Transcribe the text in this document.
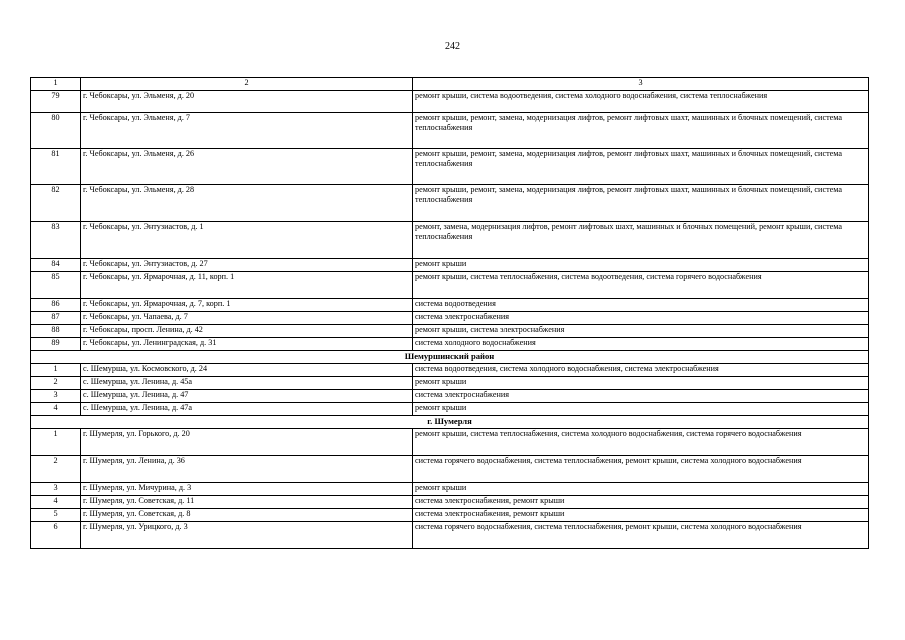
242
1	2	3
79	г. Чебоксары, ул. Эльменя, д. 20	ремонт крыши, система водоотведения, система холодного водоснабжения, система теплоснабжения
80	г. Чебоксары, ул. Эльменя, д. 7	ремонт крыши, ремонт, замена, модернизация лифтов, ремонт лифтовых шахт, машинных и блочных помещений, система теплоснабжения
81	г. Чебоксары, ул. Эльменя, д. 26	ремонт крыши, ремонт, замена, модернизация лифтов, ремонт лифтовых шахт, машинных и блочных помещений, система теплоснабжения
82	г. Чебоксары, ул. Эльменя, д. 28	ремонт крыши, ремонт, замена, модернизация лифтов, ремонт лифтовых шахт, машинных и блочных помещений, система теплоснабжения
83	г. Чебоксары, ул. Энтузиастов, д. 1	ремонт, замена, модернизация лифтов, ремонт лифтовых шахт, машинных и блочных помещений, ремонт крыши, система теплоснабжения
84	г. Чебоксары, ул. Энтузиастов, д. 27	ремонт крыши
85	г. Чебоксары, ул. Ярмарочная, д. 11, корп. 1	ремонт крыши, система теплоснабжения, система водоотведения, система горячего водоснабжения
86	г. Чебоксары, ул. Ярмарочная, д. 7, корп. 1	система водоотведения
87	г. Чебоксары, ул. Чапаева, д. 7	система электроснабжения
88	г. Чебоксары, просп. Ленина, д. 42	ремонт крыши, система электроснабжения
89	г. Чебоксары, ул. Ленинградская, д. 31	система холодного водоснабжения
Шемуршинский район		
1	с. Шемурша, ул. Космовского, д. 24	система водоотведения, система холодного водоснабжения, система электроснабжения
2	с. Шемурша, ул. Ленина, д. 45а	ремонт крыши
3	с. Шемурша, ул. Ленина, д. 47	система электроснабжения
4	с. Шемурша, ул. Ленина, д. 47а	ремонт крыши
г. Шумерля		
1	г. Шумерля, ул. Горького, д. 20	ремонт крыши, система теплоснабжения, система холодного водоснабжения, система горячего водоснабжения
2	г. Шумерля, ул. Ленина, д. 36	система горячего водоснабжения, система теплоснабжения, ремонт крыши, система холодного водоснабжения
3	г. Шумерля, ул. Мичурина, д. 3	ремонт крыши
4	г. Шумерля, ул. Советская, д. 11	система электроснабжения, ремонт крыши
5	г. Шумерля, ул. Советская, д. 8	система электроснабжения, ремонт крыши
6	г. Шумерля, ул. Урицкого, д. 3	система горячего водоснабжения, система теплоснабжения, ремонт крыши, система холодного водоснабжения
